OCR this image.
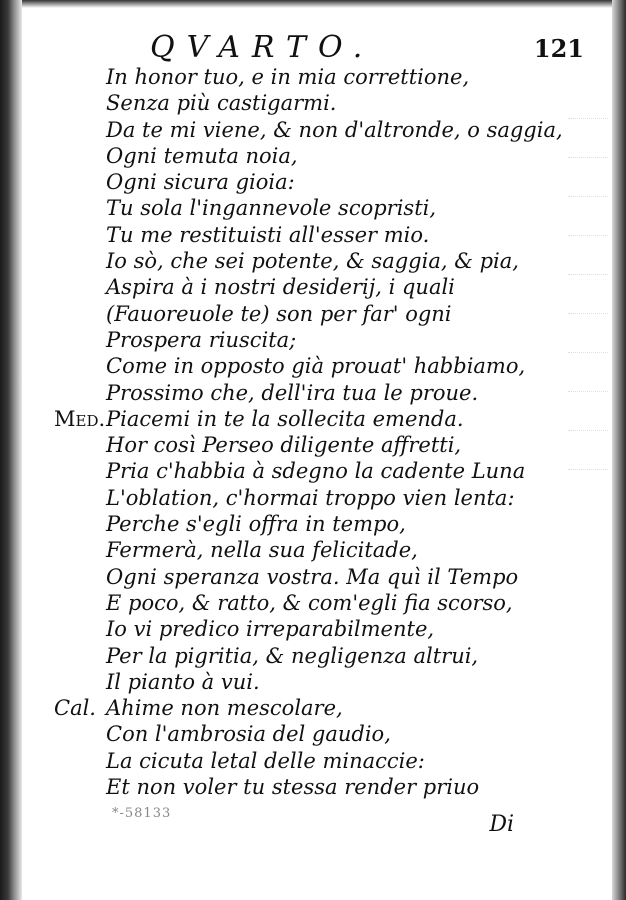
QVARTO.	121
In honor tuo, e in mia correttione,
Senza più castigarmi.
Da te mi viene, & non d'altronde, o saggia,
Ogni temuta noia,
Ogni sicura gioia:
Tu sola l'ingannevole scopristi,
Tu me restituisti all'esser mio.
Io sò, che sei potente, & saggia, & pia,
Aspira à i nostri desiderij, i quali
(Fauoreuole te) son per far' ogni
Prospera riuscita;
Come in opposto già prouat' habbiamo,
Prossimo che, dell'ira tua le proue.
Med. Piacemi in te la sollecita emenda.
Hor così Perseo diligente affretti,
Pria c'habbia à sdegno la cadente Luna
L'oblation, c'hormai troppo vien lenta:
Perche s'egli offra in tempo,
Fermerà, nella sua felicitade,
Ogni speranza vostra. Ma quì il Tempo
E poco, & ratto, & com'egli fia scorso,
Io vi predico irreparabilmente,
Per la pigritia, & negligenza altrui,
Il pianto à vui.
Cal. Ahime non mescolare,
Con l'ambrosia del gaudio,
La cicuta letal delle minaccie:
Et non voler tu stessa render priuo
*-58133	Di
